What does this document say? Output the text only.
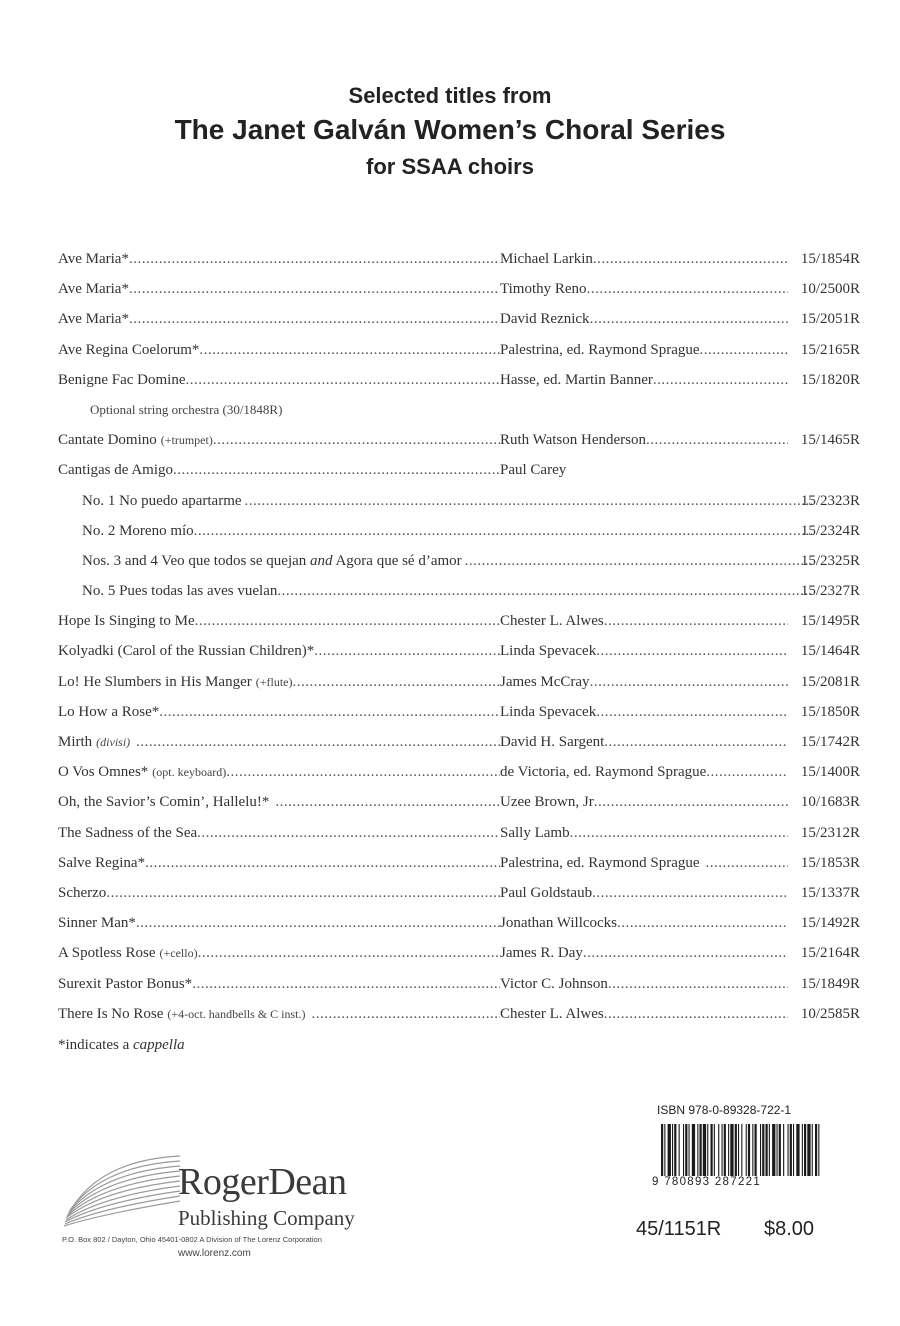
Selected titles from
The Janet Galván Women’s Choral Series
for SSAA choirs
Ave Maria* .....	Michael Larkin .....	15/1854R
Ave Maria* .....	Timothy Reno .....	10/2500R
Ave Maria* .....	David Reznick .....	15/2051R
Ave Regina Coelorum* .....	Palestrina, ed. Raymond Sprague .....	15/2165R
Benigne Fac Domine .....	Hasse, ed. Martin Banner .....	15/1820R
Optional string orchestra (30/1848R)
Cantate Domino (+trumpet) .....	Ruth Watson Henderson .....	15/1465R
Cantigas de Amigo .....	Paul Carey
No. 1 No puedo apartarme .....	15/2323R
No. 2 Moreno mío .....	15/2324R
Nos. 3 and 4 Veo que todos se quejan and Agora que sé d’amor .....	15/2325R
No. 5 Pues todas las aves vuelan .....	15/2327R
Hope Is Singing to Me .....	Chester L. Alwes .....	15/1495R
Kolyadki (Carol of the Russian Children)* .....	Linda Spevacek .....	15/1464R
Lo! He Slumbers in His Manger (+flute) .....	James McCray .....	15/2081R
Lo How a Rose* .....	Linda Spevacek .....	15/1850R
Mirth (divisi) .....	David H. Sargent .....	15/1742R
O Vos Omnes* (opt. keyboard) .....	de Victoria, ed. Raymond Sprague .....	15/1400R
Oh, the Savior’s Comin’, Hallelu!* .....	Uzee Brown, Jr .....	10/1683R
The Sadness of the Sea .....	Sally Lamb .....	15/2312R
Salve Regina* .....	Palestrina, ed. Raymond Sprague .....	15/1853R
Scherzo .....	Paul Goldstaub .....	15/1337R
Sinner Man* .....	Jonathan Willcocks .....	15/1492R
A Spotless Rose (+cello) .....	James R. Day .....	15/2164R
Surexit Pastor Bonus* .....	Victor C. Johnson .....	15/1849R
There Is No Rose (+4-oct. handbells & C inst.) .....	Chester L. Alwes .....	10/2585R
*indicates a cappella
RogerDean
Publishing Company
P.O. Box 802 / Dayton, Ohio 45401-0802 A Division of The Lorenz Corporation
www.lorenz.com
ISBN 978-0-89328-722-1
9 780893 287221
45/1151R $8.00
